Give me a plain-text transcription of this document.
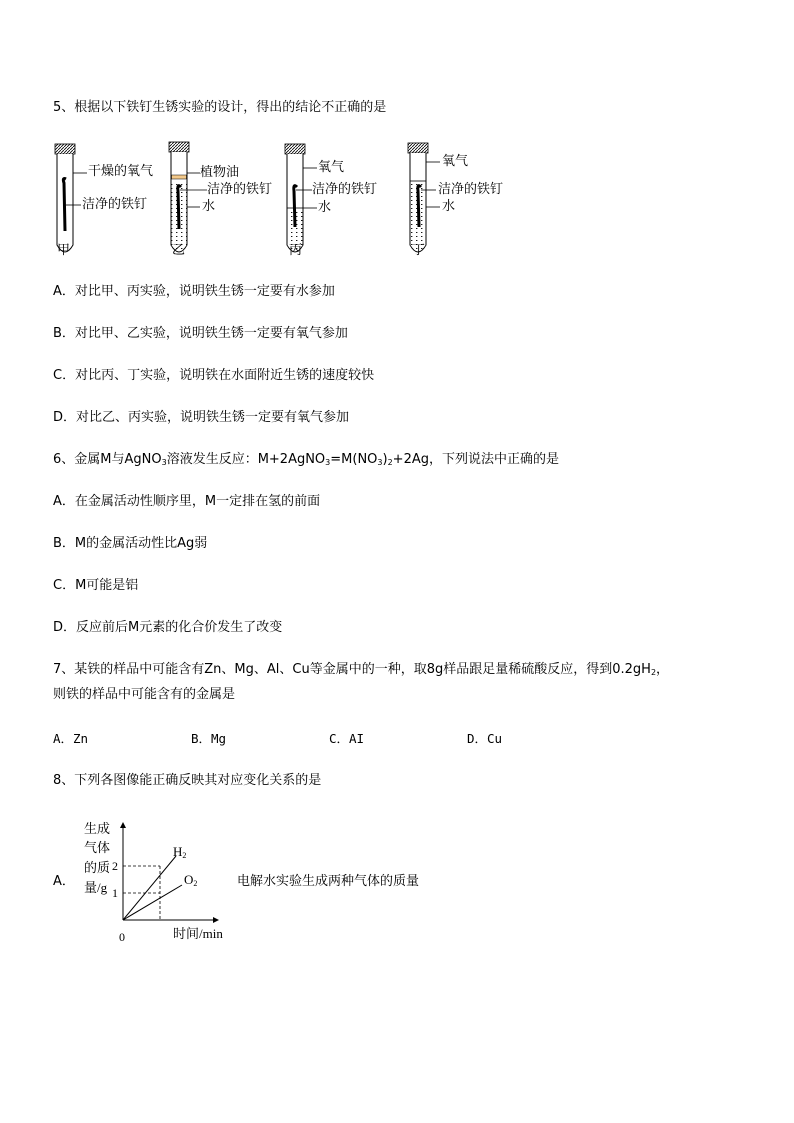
5、根据以下铁钉生锈实验的设计，得出的结论不正确的是
干燥的氧气
洁净的铁钉
甲
植物油
洁净的铁钉
水
乙
氧气
洁净的铁钉
水
丙
氧气
洁净的铁钉
水
丁
A．对比甲、丙实验，说明铁生锈一定要有水参加
B．对比甲、乙实验，说明铁生锈一定要有氧气参加
C．对比丙、丁实验，说明铁在水面附近生锈的速度较快
D．对比乙、丙实验，说明铁生锈一定要有氧气参加
6、金属M与AgNO$_3$溶液发生反应：$M+2AgNO_3=M(NO_3)_2+2Ag$，下列说法中正确的是
A．在金属活动性顺序里，M一定排在氢的前面
B．M的金属活动性比Ag弱
C．M可能是铝
D．反应前后M元素的化合价发生了改变
7、某铁的样品中可能含有Zn、Mg、Al、Cu等金属中的一种，取8g样品跟足量稀硫酸反应，得到$0.2gH_2$，
则铁的样品中可能含有的金属是
A．Zn	B．Mg	C．AI	D．Cu
8、下列各图像能正确反映其对应变化关系的是
A．
生成
气体
的质
量/g
2
1
0	时间/min
$H_2$
$O_2$	电解水实验生成两种气体的质量
